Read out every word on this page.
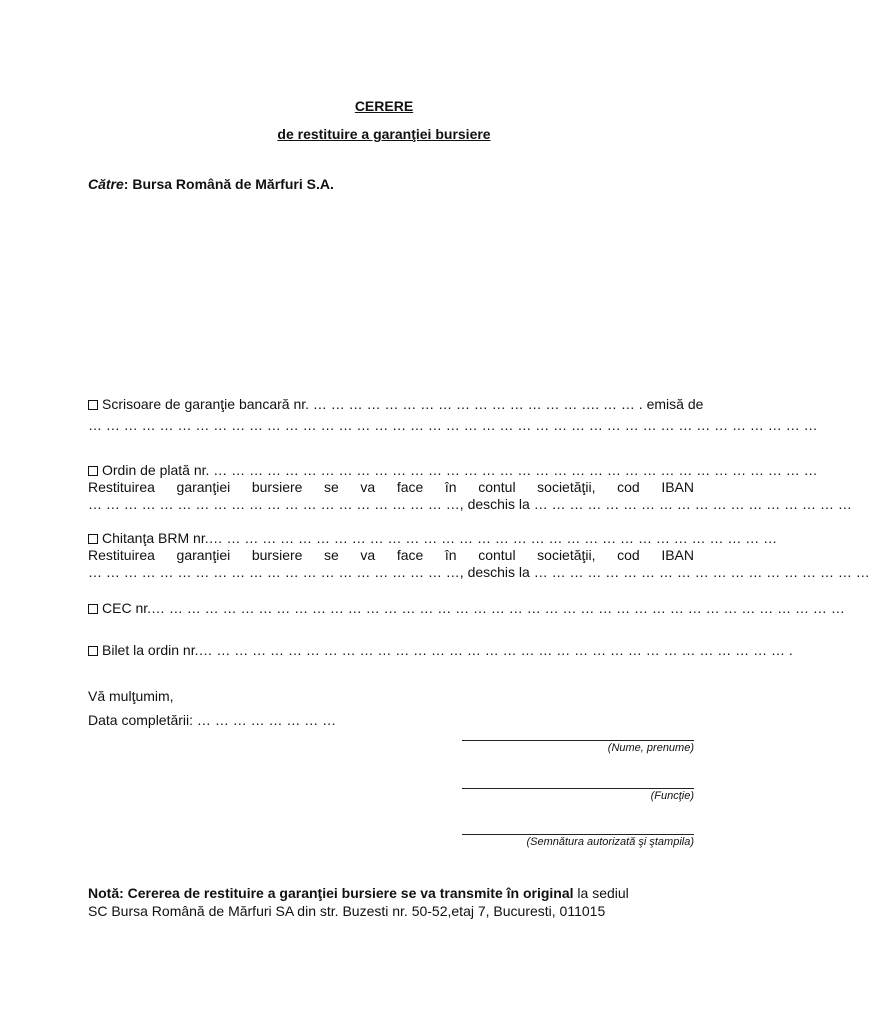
CERERE
de restituire a garanţiei bursiere
Către: Bursa Română de Mărfuri S.A.
Scrisoare de garanţie bancară nr. … … … … … … … … … … … … … … … …. … … . emisă de
… … … … … … … … … … … … … … … … … … … … … … … … … … … … … … … … … … … … … … … … …
Ordin de plată nr. … … … … … … … … … … … … … … … … … … … … … … … … … … … … … … … … … …
Restituirea garanţiei bursiere se va face în contul societăţii, cod IBAN
… … … … … … … … … … … … … … … … … … … … …, deschis la … … … … … … … … … … … … … … … … … …
Chitanţa BRM nr.… … … … … … … … … … … … … … … … … … … … … … … … … … … … … … … …
Restituirea garanţiei bursiere se va face în contul societăţii, cod IBAN
… … … … … … … … … … … … … … … … … … … … …, deschis la … … … … … … … … … … … … … … … … … … …
CEC nr.… … … … … … … … … … … … … … … … … … … … … … … … … … … … … … … … … … … … … … …
Bilet la ordin nr.… … … … … … … … … … … … … … … … … … … … … … … … … … … … … … … … … .
Vă mulţumim,
Data completării: … … … … … … … …
(Nume, prenume)
(Funcţie)
(Semnătura autorizată şi ştampila)
Notă: Cererea de restituire a garanţiei bursiere se va transmite în original la sediul
SC Bursa Română de Mărfuri SA din str. Buzesti nr. 50-52,etaj 7, Bucuresti, 011015
